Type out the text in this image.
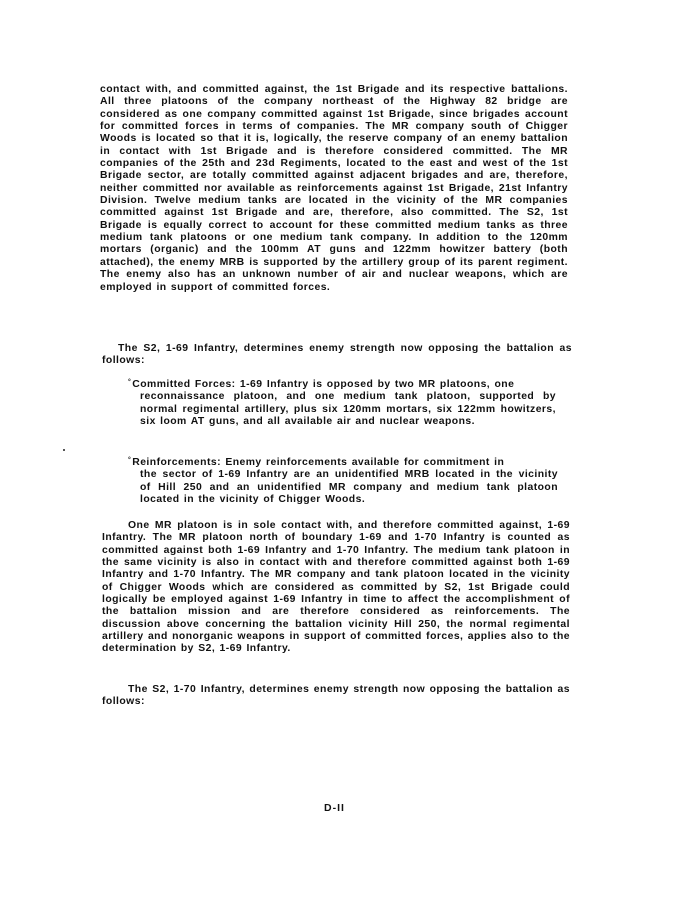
contact with, and committed against, the 1st Brigade and its respective battalions. All three platoons of the company northeast of the Highway 82 bridge are considered as one company committed against 1st Brigade, since brigades account for committed forces in terms of companies. The MR company south of Chigger Woods is located so that it is, logically, the reserve company of an enemy battalion in contact with 1st Brigade and is therefore considered committed. The MR companies of the 25th and 23d Regiments, located to the east and west of the 1st Brigade sector, are totally committed against adjacent brigades and are, therefore, neither committed nor available as reinforcements against 1st Brigade, 21st Infantry Division. Twelve medium tanks are located in the vicinity of the MR companies committed against 1st Brigade and are, therefore, also committed. The S2, 1st Brigade is equally correct to account for these committed medium tanks as three medium tank platoons or one medium tank company. In addition to the 120mm mortars (organic) and the 100mm AT guns and 122mm howitzer battery (both attached), the enemy MRB is supported by the artillery group of its parent regiment. The enemy also has an unknown number of air and nuclear weapons, which are employed in support of committed forces.

The S2, 1-69 Infantry, determines enemy strength now opposing the battalion as follows:

°Committed Forces: 1-69 Infantry is opposed by two MR platoons, one
reconnaissance platoon, and one medium tank platoon, supported by normal regimental artillery, plus six 120mm mortars, six 122mm howitzers, six loom AT guns, and all available air and nuclear weapons.
°Reinforcements: Enemy reinforcements available for commitment in
the sector of 1-69 Infantry are an unidentified MRB located in the vicinity of Hill 250 and an unidentified MR company and medium tank platoon located in the vicinity of Chigger Woods.

One MR platoon is in sole contact with, and therefore committed against, 1-69 Infantry. The MR platoon north of boundary 1-69 and 1-70 Infantry is counted as committed against both 1-69 Infantry and 1-70 Infantry. The medium tank platoon in the same vicinity is also in contact with and therefore committed against both 1-69 Infantry and 1-70 Infantry. The MR company and tank platoon located in the vicinity of Chigger Woods which are considered as committed by S2, 1st Brigade could logically be employed against 1-69 Infantry in time to affect the accomplishment of the battalion mission and are therefore considered as reinforcements. The discussion above concerning the battalion vicinity Hill 250, the normal regimental artillery and nonorganic weapons in support of committed forces, applies also to the determination by S2, 1-69 Infantry.

The S2, 1-70 Infantry, determines enemy strength now opposing the battalion as follows:

D-II
